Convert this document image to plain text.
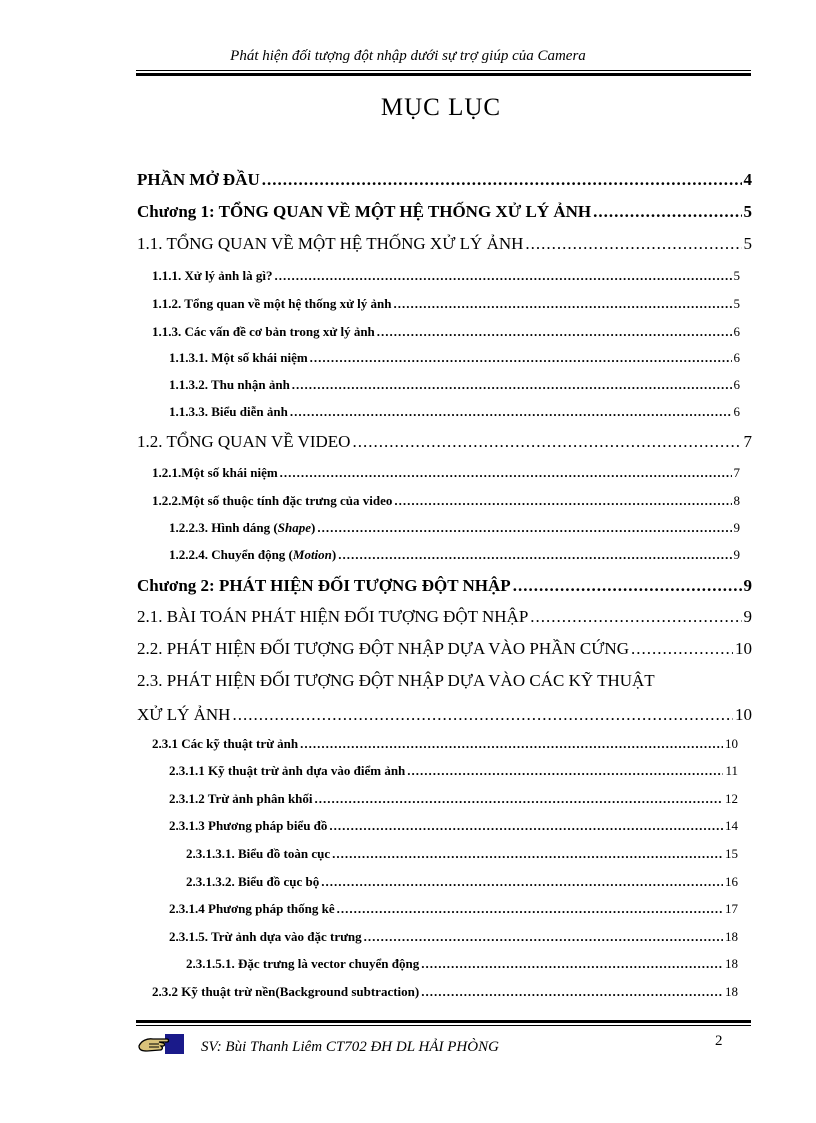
Phát hiện đối tượng đột nhập dưới sự trợ giúp của Camera
MỤC LỤC
PHẦN MỞ ĐẦU .....	4
Chương 1: TỔNG QUAN VỀ MỘT HỆ THỐNG XỬ LÝ ẢNH .....	5
1.1. TỔNG QUAN VỀ MỘT HỆ THỐNG XỬ LÝ ẢNH .....	5
1.1.1. Xử lý ảnh là gì? .....	5
1.1.2. Tổng quan về một hệ thống xử lý ảnh .....	5
1.1.3. Các vấn đề cơ bản trong xử lý ảnh .....	6
1.1.3.1. Một số khái niệm .....	6
1.1.3.2. Thu nhận ảnh .....	6
1.1.3.3. Biểu diễn ảnh .....	6
1.2. TỔNG QUAN VỀ VIDEO .....	7
1.2.1.Một số khái niệm .....	7
1.2.2.Một số thuộc tính đặc trưng của video .....	8
1.2.2.3. Hình dáng (Shape) .....	9
1.2.2.4. Chuyển động (Motion) .....	9
Chương 2: PHÁT HIỆN ĐỐI TƯỢNG ĐỘT NHẬP .....	9
2.1. BÀI TOÁN PHÁT HIỆN ĐỐI TƯỢNG ĐỘT NHẬP .....	9
2.2. PHÁT HIỆN ĐỐI TƯỢNG ĐỘT NHẬP DỰA VÀO PHẦN CỨNG .....	10
2.3. PHÁT HIỆN ĐỐI TƯỢNG ĐỘT NHẬP DỰA VÀO CÁC KỸ THUẬT
XỬ LÝ ẢNH .....	10
2.3.1 Các kỹ thuật trừ ảnh .....	10
2.3.1.1 Kỹ thuật trừ ảnh dựa vào điểm ảnh .....	11
2.3.1.2 Trừ ảnh phân khối .....	12
2.3.1.3 Phương pháp biểu đồ .....	14
2.3.1.3.1. Biểu đồ toàn cục .....	15
2.3.1.3.2. Biểu đồ cục bộ .....	16
2.3.1.4 Phương pháp thống kê .....	17
2.3.1.5. Trừ ảnh dựa vào đặc trưng .....	18
2.3.1.5.1. Đặc trưng là vector chuyển động .....	18
2.3.2 Kỹ thuật trừ nền(Background subtraction) .....	18
SV: Bùi Thanh Liêm CT702 ĐH DL HẢI PHÒNG	2
